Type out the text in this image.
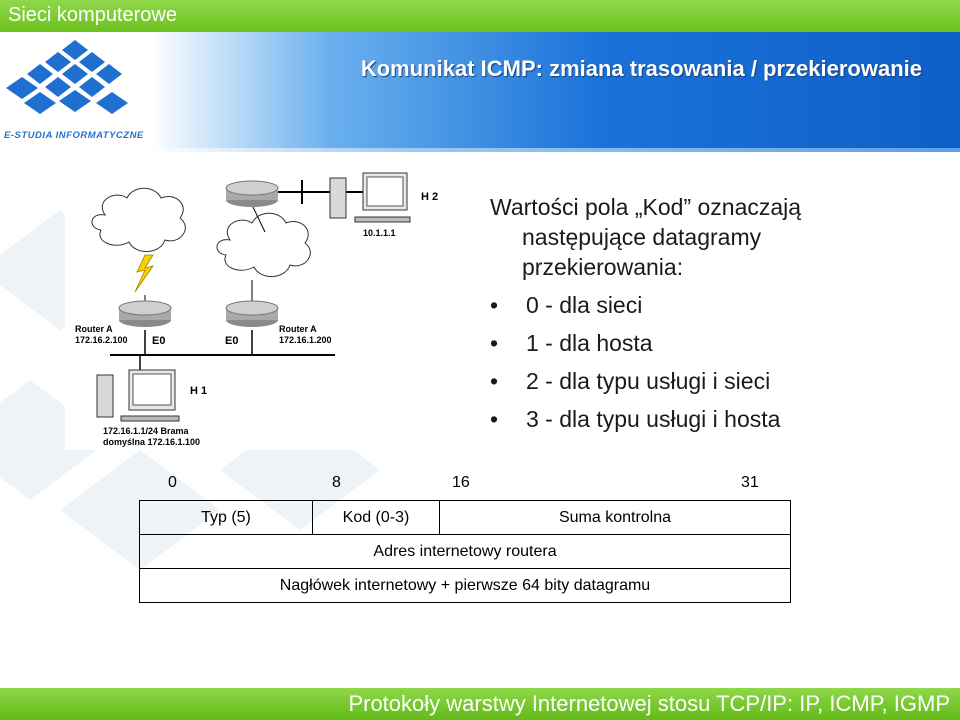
Sieci komputerowe
Komunikat ICMP: zmiana trasowania / przekierowanie
E-STUDIA INFORMATYCZNE
H 2
10.1.1.1
Router A
172.16.2.100
Router A
172.16.1.200
E0	E0
H 1
172.16.1.1/24 Brama
domyślna 172.16.1.100
Wartości pola „Kod” oznaczają
następujące datagramy
przekierowania:
• 0 - dla sieci
• 1 - dla hosta
• 2 - dla typu usługi i sieci
• 3 - dla typu usługi i hosta
0	8	16	31
Typ (5)	Kod (0-3)	Suma kontrolna
Adres internetowy routera
Nagłówek internetowy + pierwsze 64 bity datagramu
Protokoły warstwy Internetowej stosu TCP/IP: IP, ICMP, IGMP
